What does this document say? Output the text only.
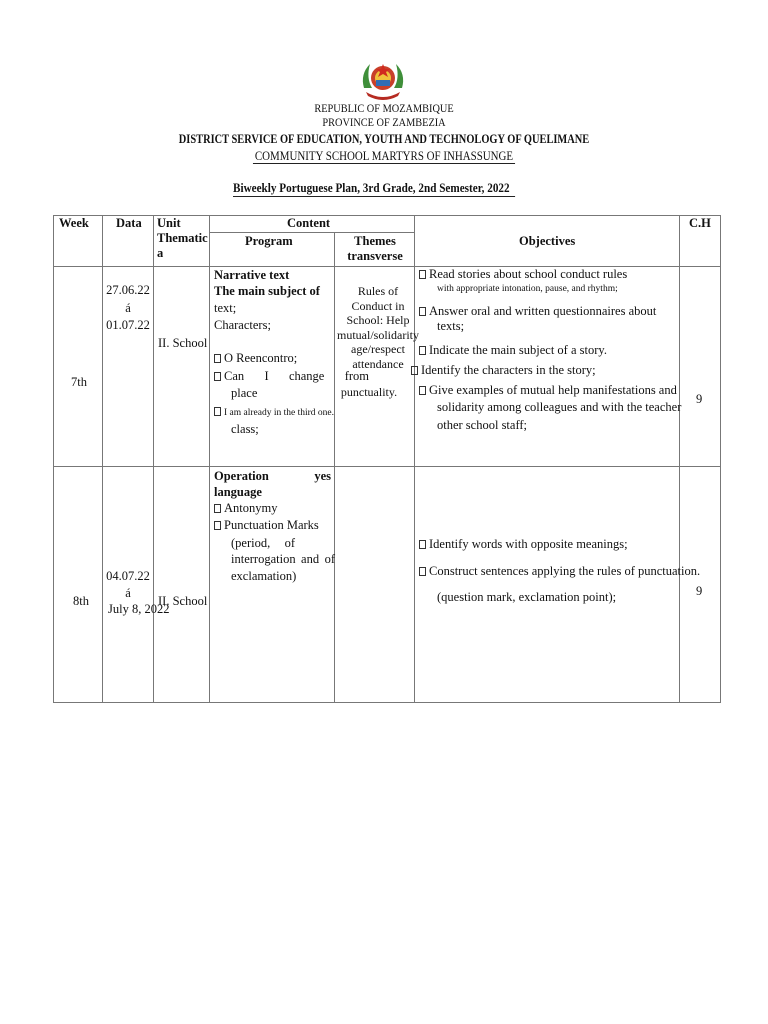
REPUBLIC OF MOZAMBIQUE
PROVINCE OF ZAMBEZIA
DISTRICT SERVICE OF EDUCATION, YOUTH AND TECHNOLOGY OF QUELIMANE
COMMUNITY SCHOOL MARTYRS OF INHASSUNGE
Biweekly Portuguese Plan, 3rd Grade, 2nd Semester, 2022
Week Data Unit Thematic a
Content
Program	Themes transverse
Objectives
C.H
7th
27.06.22
á
01.07.22
II. School
Narrative text
The main subject of
text;
Characters;
O Reencontro;
Can I change from
place
I am already in the third one.
class;
Rules of Conduct in School: Help mutual/solidarity age/respect attendance
punctuality.
Read stories about school conduct rules
with appropriate intonation, pause, and rhythm;
Answer oral and written questionnaires about
texts;
Indicate the main subject of a story.
Identify the characters in the story;
Give examples of mutual help manifestations and
solidarity among colleagues and with the teacher
other school staff;
9
8th
04.07.22
á
July 8, 2022
II. School
Operation yes
language
Antonymy
Punctuation Marks
(period, of
interrogation and of
exclamation)
Identify words with opposite meanings;
Construct sentences applying the rules of punctuation.
(question mark, exclamation point);	9
